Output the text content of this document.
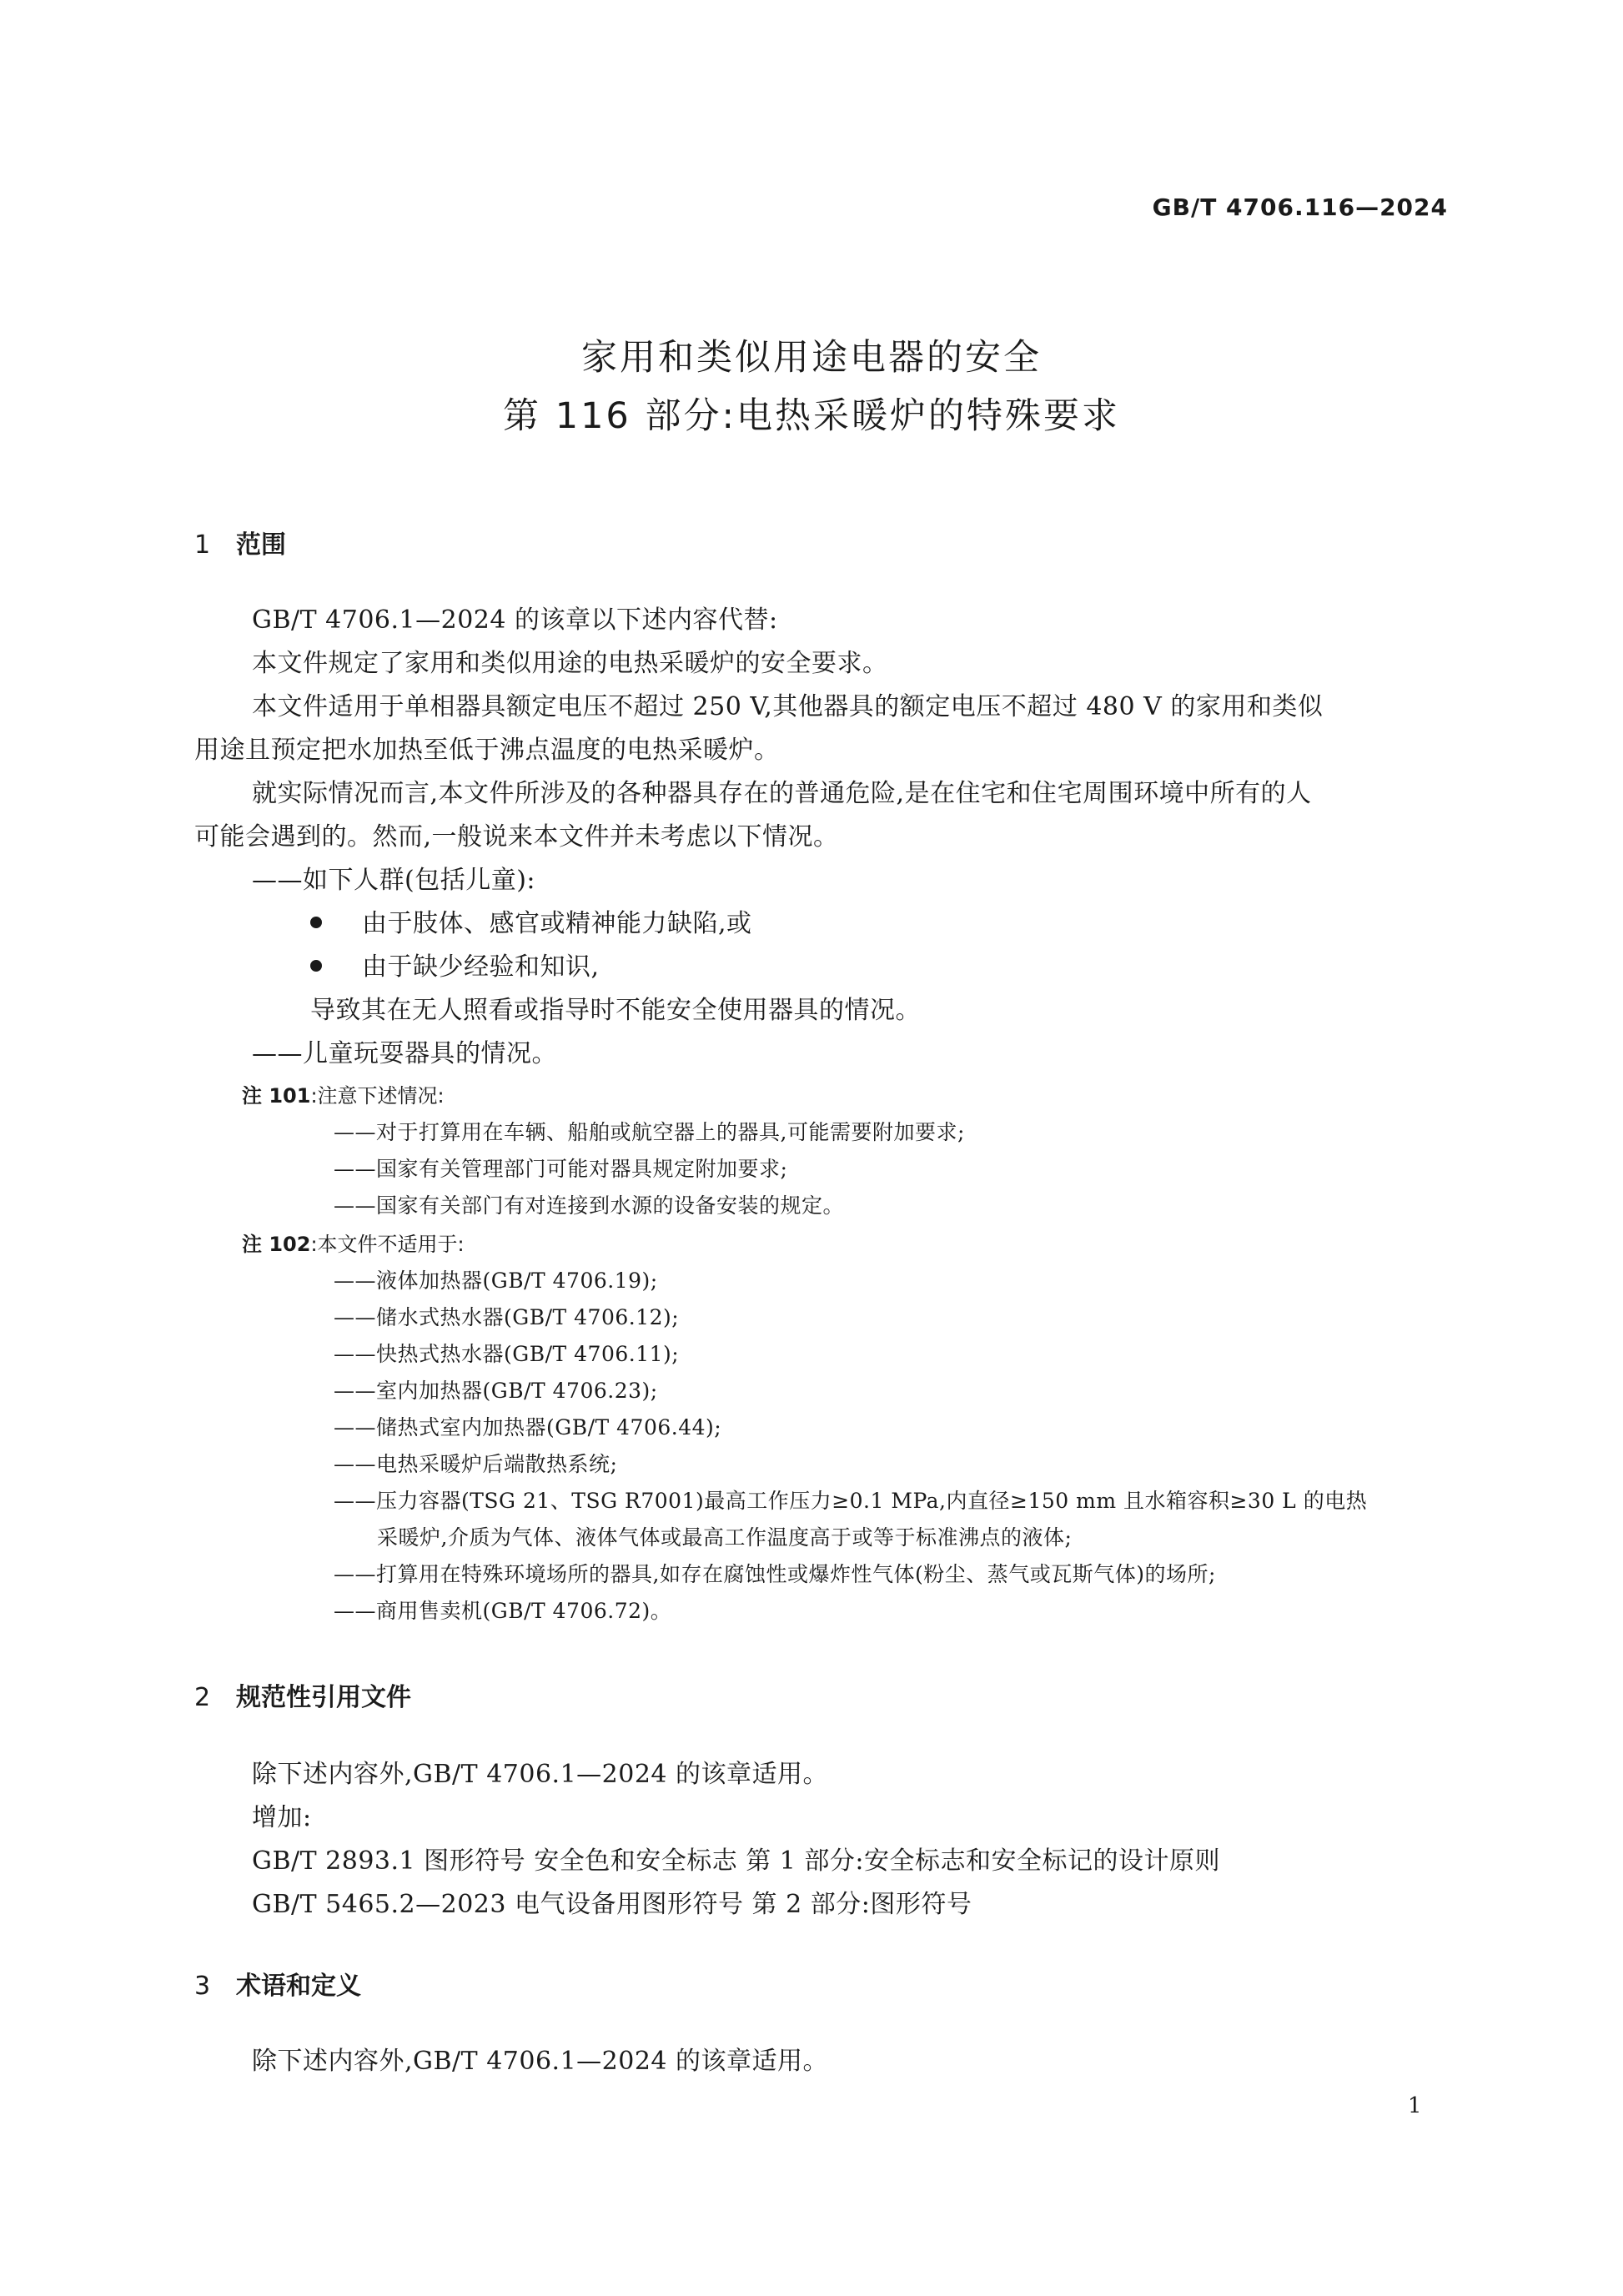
GB/T 4706.116—2024
家用和类似用途电器的安全
第 116 部分:电热采暖炉的特殊要求
1 范围
GB/T 4706.1—2024 的该章以下述内容代替:
本文件规定了家用和类似用途的电热采暖炉的安全要求。
本文件适用于单相器具额定电压不超过 250 V,其他器具的额定电压不超过 480 V 的家用和类似
用途且预定把水加热至低于沸点温度的电热采暖炉。
就实际情况而言,本文件所涉及的各种器具存在的普通危险,是在住宅和住宅周围环境中所有的人
可能会遇到的。然而,一般说来本文件并未考虑以下情况。
——如下人群(包括儿童):
由于肢体、感官或精神能力缺陷,或
由于缺少经验和知识,
导致其在无人照看或指导时不能安全使用器具的情况。
——儿童玩耍器具的情况。
注 101:注意下述情况:
——对于打算用在车辆、船舶或航空器上的器具,可能需要附加要求;
——国家有关管理部门可能对器具规定附加要求;
——国家有关部门有对连接到水源的设备安装的规定。
注 102:本文件不适用于:
——液体加热器(GB/T 4706.19);
——储水式热水器(GB/T 4706.12);
——快热式热水器(GB/T 4706.11);
——室内加热器(GB/T 4706.23);
——储热式室内加热器(GB/T 4706.44);
——电热采暖炉后端散热系统;
——压力容器(TSG 21、TSG R7001)最高工作压力≥0.1 MPa,内直径≥150 mm 且水箱容积≥30 L 的电热
采暖炉,介质为气体、液体气体或最高工作温度高于或等于标准沸点的液体;
——打算用在特殊环境场所的器具,如存在腐蚀性或爆炸性气体(粉尘、蒸气或瓦斯气体)的场所;
——商用售卖机(GB/T 4706.72)。
2 规范性引用文件
除下述内容外,GB/T 4706.1—2024 的该章适用。
增加:
GB/T 2893.1 图形符号 安全色和安全标志 第 1 部分:安全标志和安全标记的设计原则
GB/T 5465.2—2023 电气设备用图形符号 第 2 部分:图形符号
3 术语和定义
除下述内容外,GB/T 4706.1—2024 的该章适用。
1
